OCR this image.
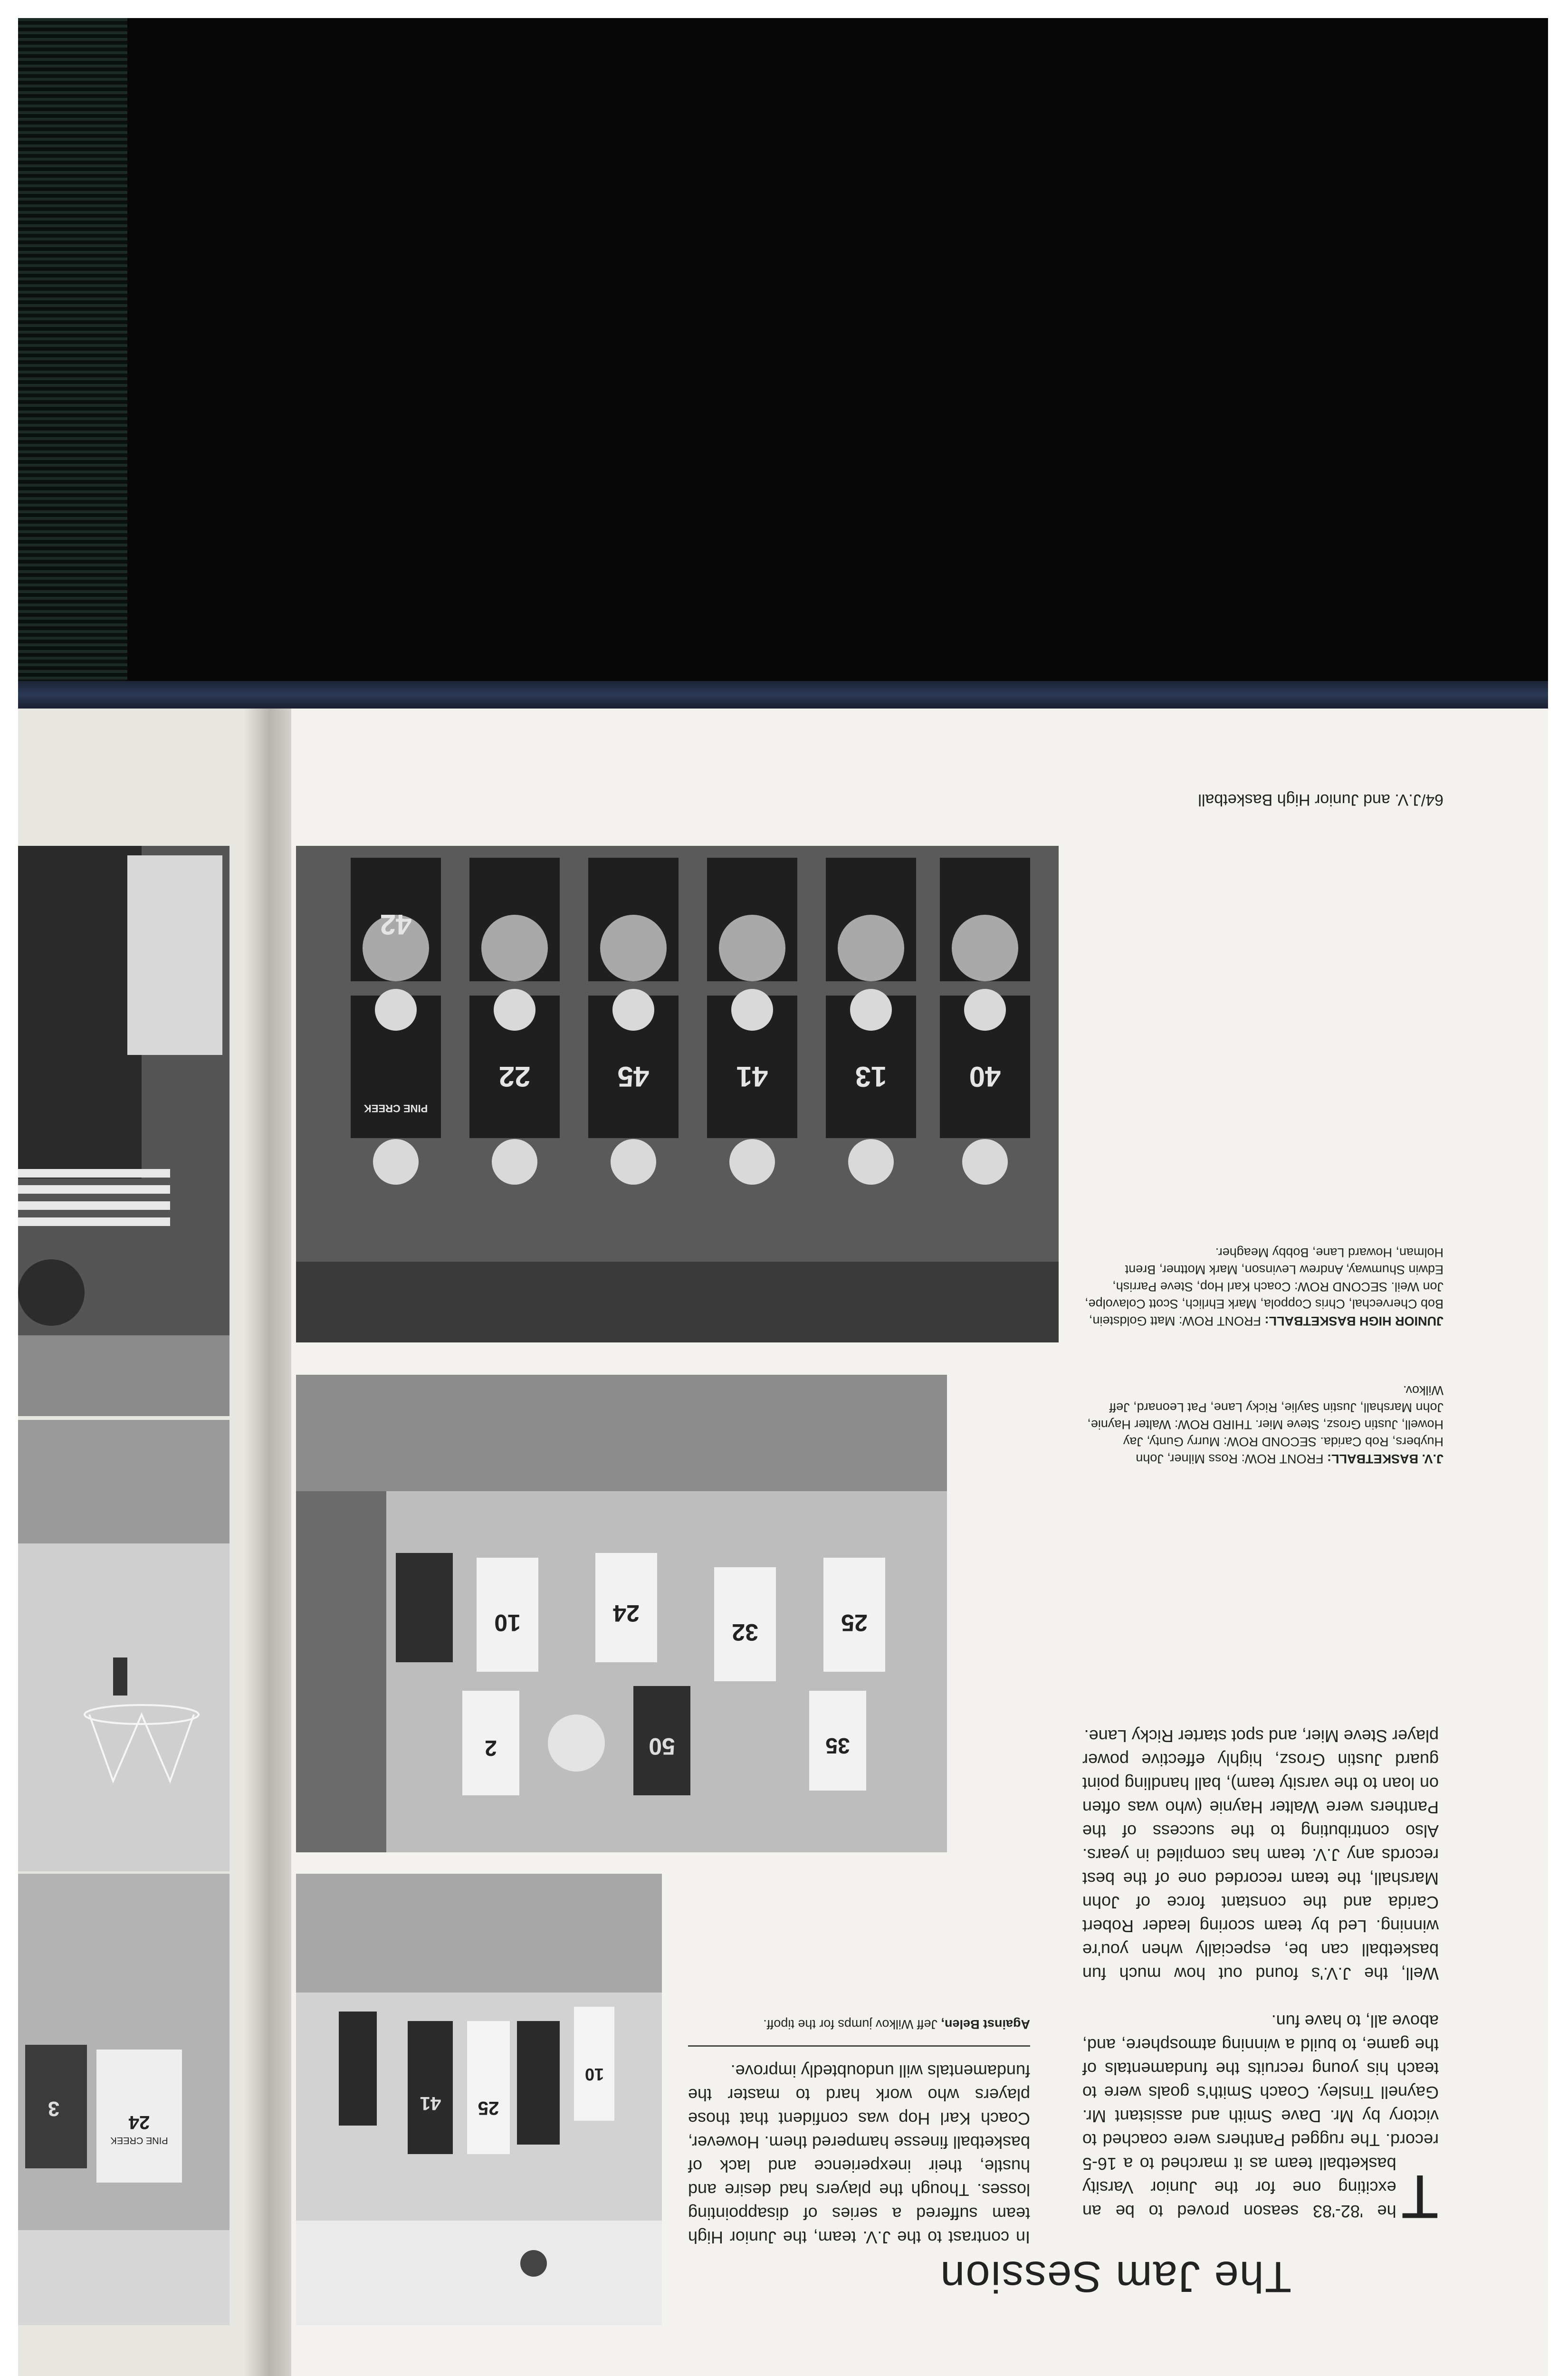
24
PINE CREEK
3	25
10
41
25
50
32
10	24
35
2
40
13
41
45
22
42
PINE CREEK
The Jam Session
T
he '82-'83 season proved to be an exciting one for the Junior Varsity basketball team as it marched to a 16-5 record. The rugged Panthers were coached to victory by Mr. Dave Smith and assistant Mr. Gaynell Tinsley. Coach Smith's goals were to teach his young recruits the fundamentals of the game, to build a winning atmosphere, and, above all, to have fun.
Well, the J.V.'s found out how much fun basketball can be, especially when you're winning. Led by team scoring leader Robert Carida and the constant force of John Marshall, the team recorded one of the best records any J.V. team has compiled in years. Also contributing to the success of the Panthers were Walter Haynie (who was often on loan to the varsity team), ball handling point guard Justin Grosz, highly effective power player Steve Mier, and spot starter Ricky Lane.
In contrast to the J.V. team, the Junior High team suffered a series of disappointing losses. Though the players had desire and hustle, their inexperience and lack of basketball finesse hampered them. However, Coach Karl Hop was confident that those players who work hard to master the fundamentals will undoubtedly improve.
Against Belen, Jeff Wilkov jumps for the tipoff.
J.V. BASKETBALL: FRONT ROW: Ross Milner, John Huybers, Rob Carida. SECOND ROW: Murry Gunty, Jay Howell, Justin Grosz, Steve Mier. THIRD ROW: Walter Haynie, John Marshall, Justin Saylie, Ricky Lane, Pat Leonard, Jeff Wilkov.
JUNIOR HIGH BASKETBALL: FRONT ROW: Matt Goldstein, Bob Chervechal, Chris Coppola, Mark Ehrlich, Scott Colavolpe, Jon Weil. SECOND ROW: Coach Karl Hop, Steve Parrish, Edwin Shumway, Andrew Levinson, Mark Mottner, Brent Holman, Howard Lane, Bobby Meagher.
64/J.V. and Junior High Basketball
